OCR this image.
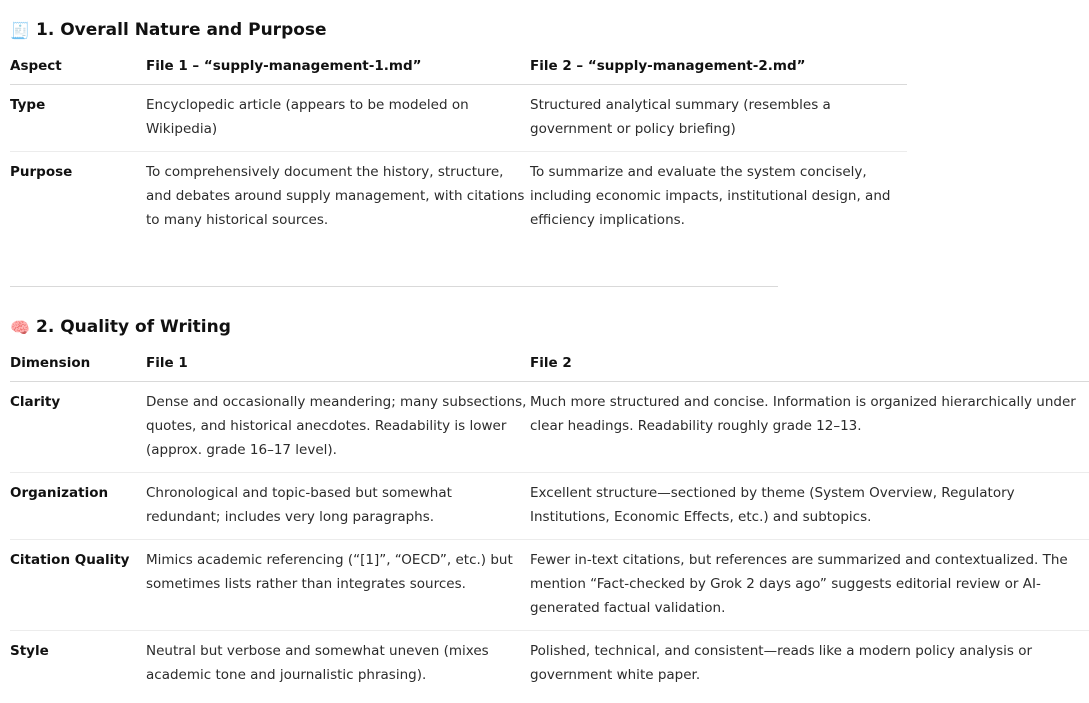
🧾 1. Overall Nature and Purpose
Aspect	File 1 – “supply-management-1.md”	File 2 – “supply-management-2.md”
Type	Encyclopedic article (appears to be modeled on Wikipedia)	Structured analytical summary (resembles a government or policy briefing)
Purpose	To comprehensively document the history, structure, and debates around supply management, with citations to many historical sources.	To summarize and evaluate the system concisely, including economic impacts, institutional design, and efficiency implications.
🧠 2. Quality of Writing
Dimension	File 1	File 2
Clarity	Dense and occasionally meandering; many subsections, quotes, and historical anecdotes. Readability is lower (approx. grade 16–17 level).	Much more structured and concise. Information is organized hierarchically under clear headings. Readability roughly grade 12–13.
Organization	Chronological and topic-based but somewhat redundant; includes very long paragraphs.	Excellent structure—sectioned by theme (System Overview, Regulatory Institutions, Economic Effects, etc.) and subtopics.
Citation Quality	Mimics academic referencing (“[1]”, “OECD”, etc.) but sometimes lists rather than integrates sources.	Fewer in-text citations, but references are summarized and contextualized. The mention “Fact-checked by Grok 2 days ago” suggests editorial review or AI-generated factual validation.
Style	Neutral but verbose and somewhat uneven (mixes academic tone and journalistic phrasing).	Polished, technical, and consistent—reads like a modern policy analysis or government white paper.
